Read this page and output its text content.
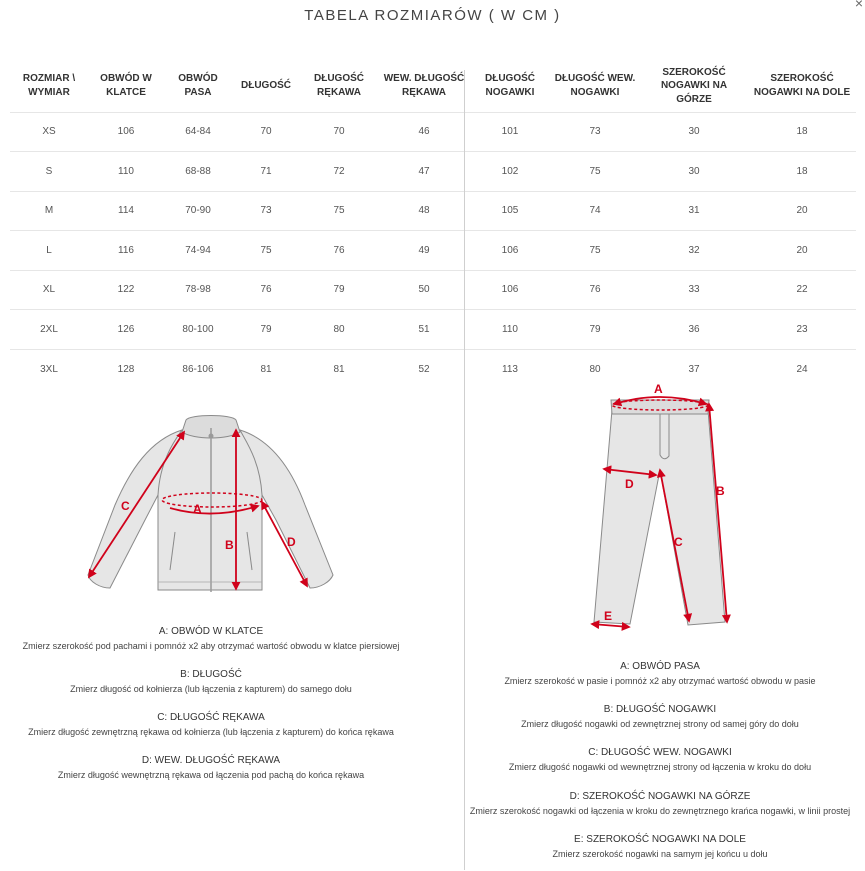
×
TABELA ROZMIARÓW ( W CM )
ROZMIAR \ WYMIAR	OBWÓD W KLATCE	OBWÓD PASA	DŁUGOŚĆ	DŁUGOŚĆ RĘKAWA	WEW. DŁUGOŚĆ RĘKAWA	DŁUGOŚĆ NOGAWKI	DŁUGOŚĆ WEW. NOGAWKI	SZEROKOŚĆ NOGAWKI NA GÓRZE	SZEROKOŚĆ NOGAWKI NA DOLE
XS	106	64-84	70	70	46	101	73	30	18
S	110	68-88	71	72	47	102	75	30	18
M	114	70-90	73	75	48	105	74	31	20
L	116	74-94	75	76	49	106	75	32	20
XL	122	78-98	76	79	50	106	76	33	22
2XL	126	80-100	79	80	51	110	79	36	23
3XL	128	86-106	81	81	52	113	80	37	24
A
B
C
D
A
B
C
D
E
A: OBWÓD W KLATCE
Zmierz szerokość pod pachami i pomnóż x2 aby otrzymać wartość obwodu w klatce piersiowej
B: DŁUGOŚĆ
Zmierz długość od kołnierza (lub łączenia z kapturem) do samego dołu
C: DŁUGOŚĆ RĘKAWA
Zmierz długość zewnętrzną rękawa od kołnierza (lub łączenia z kapturem) do końca rękawa
D: WEW. DŁUGOŚĆ RĘKAWA
Zmierz długość wewnętrzną rękawa od łączenia pod pachą do końca rękawa
A: OBWÓD PASA
Zmierz szerokość w pasie i pomnóż x2 aby otrzymać wartość obwodu w pasie
B: DŁUGOŚĆ NOGAWKI
Zmierz długość nogawki od zewnętrznej strony od samej góry do dołu
C: DŁUGOŚĆ WEW. NOGAWKI
Zmierz długość nogawki od wewnętrznej strony od łączenia w kroku do dołu
D: SZEROKOŚĆ NOGAWKI NA GÓRZE
Zmierz szerokość nogawki od łączenia w kroku do zewnętrznego krańca nogawki, w linii prostej
E: SZEROKOŚĆ NOGAWKI NA DOLE
Zmierz szerokość nogawki na samym jej końcu u dołu
